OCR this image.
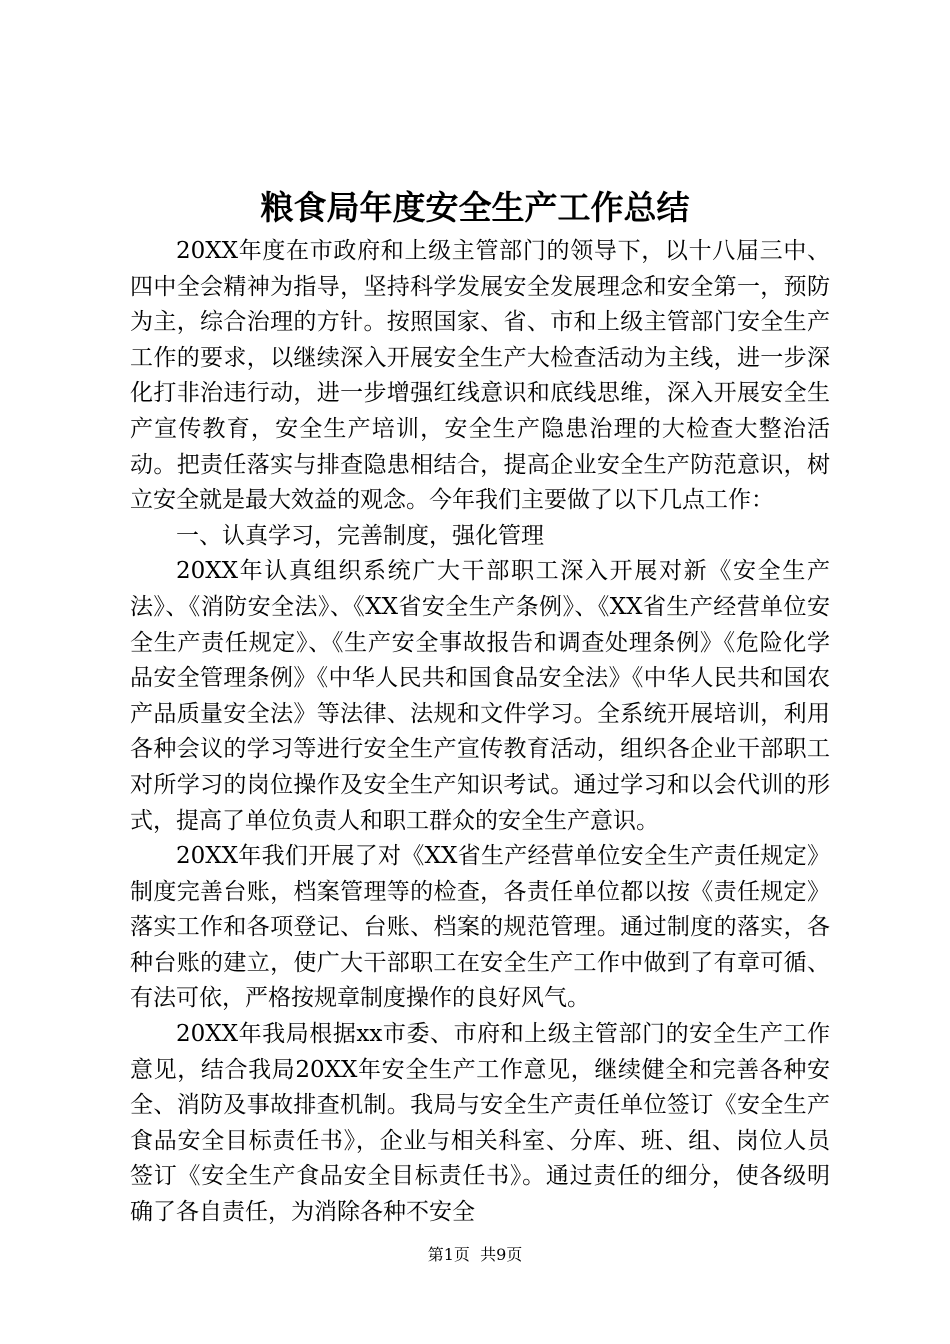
粮食局年度安全生产工作总结

20XX年度在市政府和上级主管部门的领导下，以十八届三中、四中全会精神为指导，坚持科学发展安全发展理念和安全第一，预防为主，综合治理的方针。按照国家、省、市和上级主管部门安全生产工作的要求，以继续深入开展安全生产大检查活动为主线，进一步深化打非治违行动，进一步增强红线意识和底线思维，深入开展安全生产宣传教育，安全生产培训，安全生产隐患治理的大检查大整治活动。把责任落实与排查隐患相结合，提高企业安全生产防范意识，树立安全就是最大效益的观念。今年我们主要做了以下几点工作：

一、认真学习，完善制度，强化管理

20XX年认真组织系统广大干部职工深入开展对新《安全生产法》、《消防安全法》、《XX省安全生产条例》、《XX省生产经营单位安全生产责任规定》、《生产安全事故报告和调查处理条例》《危险化学品安全管理条例》《中华人民共和国食品安全法》《中华人民共和国农产品质量安全法》等法律、法规和文件学习。全系统开展培训，利用各种会议的学习等进行安全生产宣传教育活动，组织各企业干部职工对所学习的岗位操作及安全生产知识考试。通过学习和以会代训的形式，提高了单位负责人和职工群众的安全生产意识。

20XX年我们开展了对《XX省生产经营单位安全生产责任规定》制度完善台账，档案管理等的检查，各责任单位都以按《责任规定》落实工作和各项登记、台账、档案的规范管理。通过制度的落实，各种台账的建立，使广大干部职工在安全生产工作中做到了有章可循、有法可依，严格按规章制度操作的良好风气。

20XX年我局根据xx市委、市府和上级主管部门的安全生产工作意见，结合我局20XX年安全生产工作意见，继续健全和完善各种安全、消防及事故排查机制。我局与安全生产责任单位签订《安全生产食品安全目标责任书》，企业与相关科室、分库、班、组、岗位人员签订《安全生产食品安全目标责任书》。通过责任的细分，使各级明确了各自责任，为消除各种不安全

第1页 共9页
